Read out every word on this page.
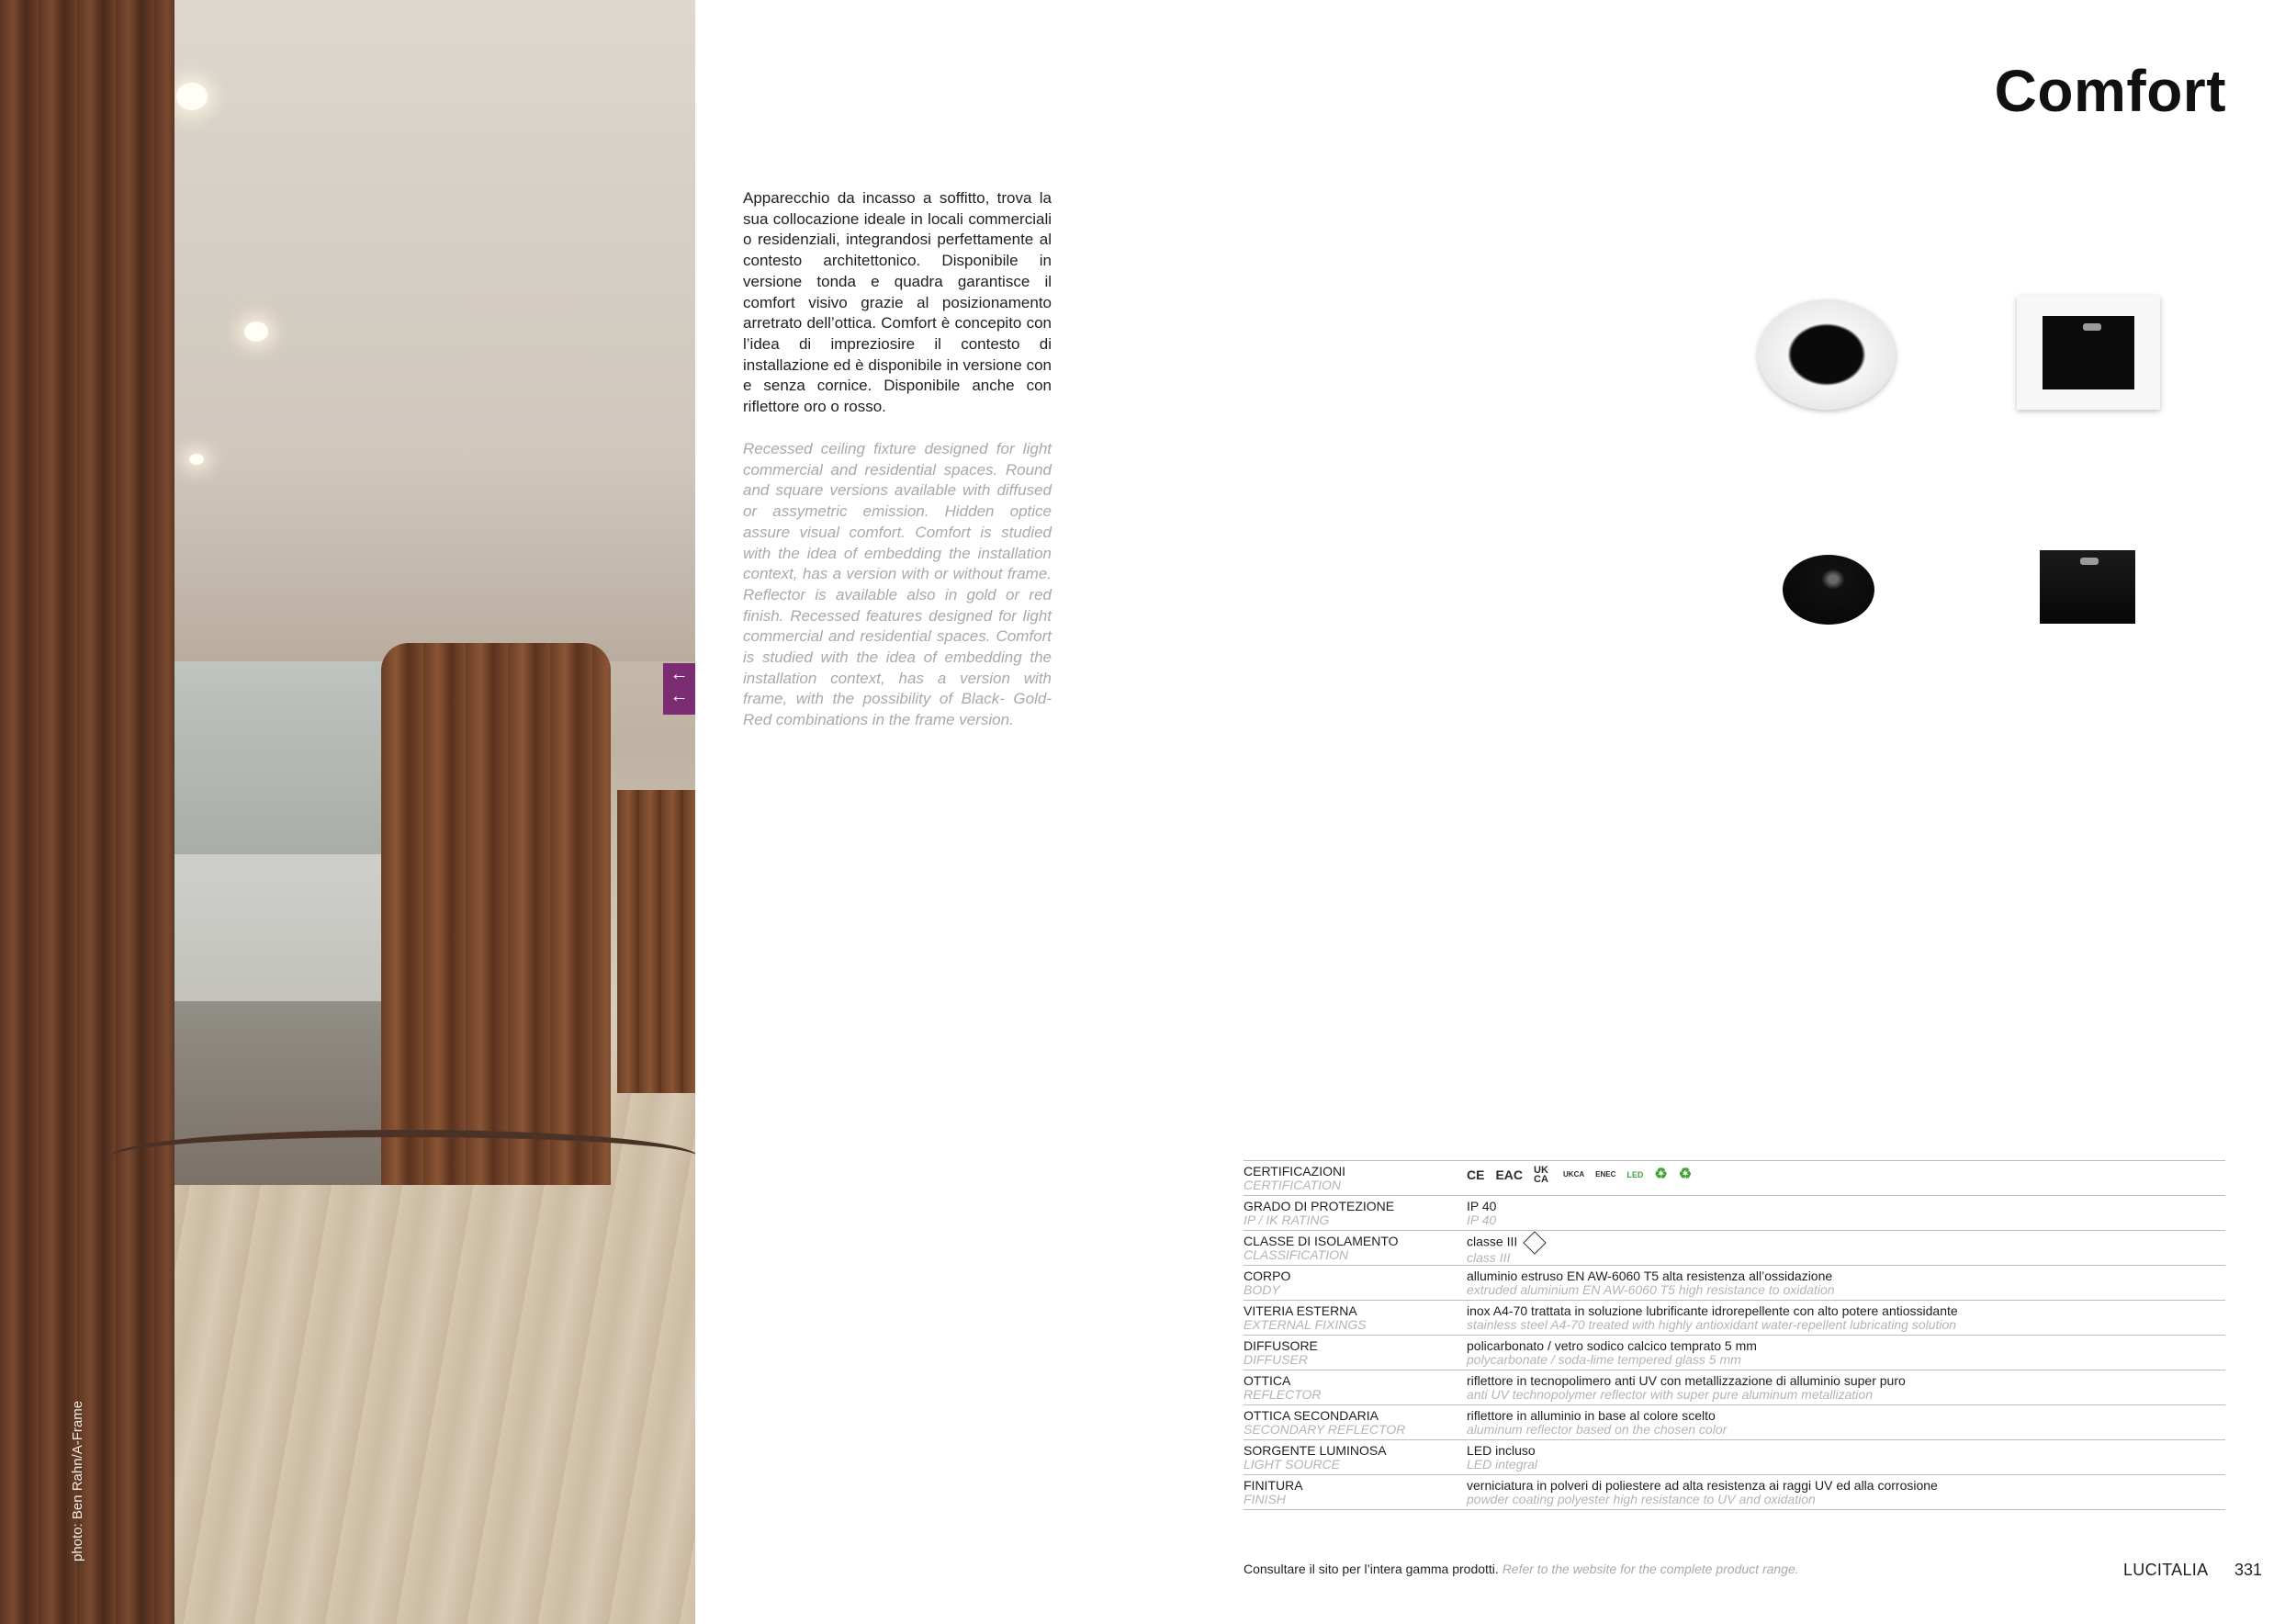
←
←
photo: Ben Rahn/A-Frame
Comfort

Apparecchio da incasso a soffitto, trova la sua collocazione ideale in locali commerciali o residenziali, integrandosi perfettamente al contesto architettonico. Disponibile in versione tonda e quadra garantisce il comfort visivo grazie al posizionamento arretrato dell’ottica. Comfort è concepito con l’idea di impreziosire il contesto di installazione ed è disponibile in versione con e senza cornice. Disponibile anche con riflettore oro o rosso.

Recessed ceiling fixture designed for light commercial and residential spaces. Round and square versions available with diffused or assymetric emission. Hidden optice assure visual comfort. Comfort is studied with the idea of embedding the installation context, has a version with or without frame. Reflector is available also in gold or red finish. Recessed features designed for light commercial and residential spaces. Comfort is studied with the idea of embedding the installation context, has a version with frame, with the possibility of Black- Gold-Red combinations in the frame version.

CERTIFICAZIONI
CERTIFICATION
CE EAC UK CA	UKCA ENEC LED ♻ ♻
GRADO DI PROTEZIONE
IP / IK RATING
IP 40
IP 40
CLASSE DI ISOLAMENTO
CLASSIFICATION
classe III
class III
CORPO
BODY
alluminio estruso EN AW-6060 T5 alta resistenza all’ossidazione
extruded aluminium EN AW-6060 T5 high resistance to oxidation
VITERIA ESTERNA
EXTERNAL FIXINGS
inox A4-70 trattata in soluzione lubrificante idrorepellente con alto potere antiossidante
stainless steel A4-70 treated with highly antioxidant water-repellent lubricating solution
DIFFUSORE
DIFFUSER
policarbonato / vetro sodico calcico temprato 5 mm
polycarbonate / soda-lime tempered glass 5 mm
OTTICA
REFLECTOR
riflettore in tecnopolimero anti UV con metallizzazione di alluminio super puro
anti UV technopolymer reflector with super pure aluminum metallization
OTTICA SECONDARIA
SECONDARY REFLECTOR
riflettore in alluminio in base al colore scelto
aluminum reflector based on the chosen color
SORGENTE LUMINOSA
LIGHT SOURCE
LED incluso
LED integral
FINITURA
FINISH
verniciatura in polveri di poliestere ad alta resistenza ai raggi UV ed alla corrosione
powder coating polyester high resistance to UV and oxidation
Consultare il sito per l’intera gamma prodotti. Refer to the website for the complete product range.	LUCITALIA 331
